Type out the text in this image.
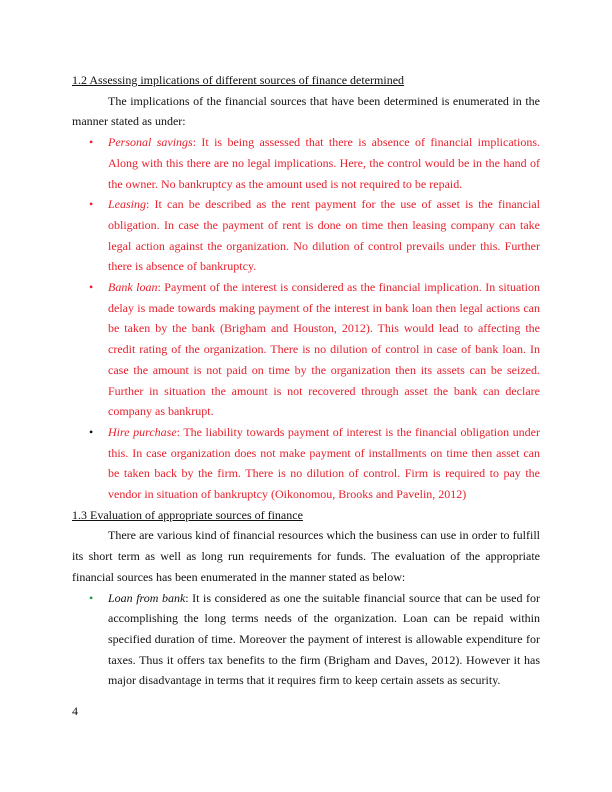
1.2 Assessing implications of different sources of finance determined

The implications of the financial sources that have been determined is enumerated in the manner stated as under:

• Personal savings: It is being assessed that there is absence of financial implications. Along with this there are no legal implications. Here, the control would be in the hand of the owner. No bankruptcy as the amount used is not required to be repaid.
• Leasing: It can be described as the rent payment for the use of asset is the financial obligation. In case the payment of rent is done on time then leasing company can take legal action against the organization. No dilution of control prevails under this. Further there is absence of bankruptcy.
• Bank loan: Payment of the interest is considered as the financial implication. In situation delay is made towards making payment of the interest in bank loan then legal actions can be taken by the bank (Brigham and Houston, 2012). This would lead to affecting the credit rating of the organization. There is no dilution of control in case of bank loan. In case the amount is not paid on time by the organization then its assets can be seized. Further in situation the amount is not recovered through asset the bank can declare company as bankrupt.
• Hire purchase: The liability towards payment of interest is the financial obligation under this. In case organization does not make payment of installments on time then asset can be taken back by the firm. There is no dilution of control. Firm is required to pay the vendor in situation of bankruptcy (Oikonomou, Brooks and Pavelin, 2012)

1.3 Evaluation of appropriate sources of finance

There are various kind of financial resources which the business can use in order to fulfill its short term as well as long run requirements for funds. The evaluation of the appropriate financial sources has been enumerated in the manner stated as below:

• Loan from bank: It is considered as one the suitable financial source that can be used for accomplishing the long terms needs of the organization. Loan can be repaid within specified duration of time. Moreover the payment of interest is allowable expenditure for taxes. Thus it offers tax benefits to the firm (Brigham and Daves, 2012). However it has major disadvantage in terms that it requires firm to keep certain assets as security.
4
